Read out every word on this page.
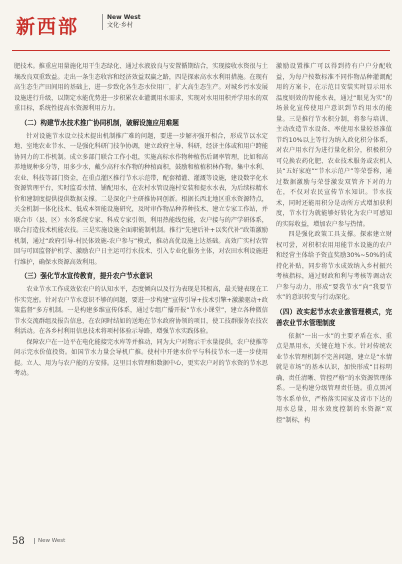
新西部	New West
文化·乡村

肥技术。推重应用量施化用干生态绿化、通过水液放良与安置循期结合，实现接收水资很与土壤改良双重致益。走出一条生态收容和经济效益双赢之路，四是探索高水水利用措施。在现有高生态生产田间用的基础上，进一步致化各生态水位用厂，扩大高生态生产。对城乡污水发展设施进行升级，以期定水能优势进一步积累农业灌溉用水需求，实现对水用用积并学用水的双重目标，系统性提高水资源利用方力。

（二）构建节水技术推广协同机制，破解设施应用难题

针对设施节水设立技术提出机制推广难的问题，要进一步解亦强开相合，形成节以水定地、室地农业节水、一是强化科研门技争协调，建立政府主导、科研，经济主体或和用户跨能协同力的工作机制。成立多部门联合工作小组，实施高标水作物种植伤后调率管理，比如和高养地规种多分等，用多少水，戴少高秆水作物的种植面积，鼓励和植植积林作物。集中水利、农业、科技等部门资金，在重点灌区推行节水示范带，配套精灌、灌溉等设施，建设数字化水资源管理平台，实时监看水情、铺配用水，在农村水管设施村安装和提水水表，为后续标精水价和建制度提供提供数据支撑。二是深化户主研推协同创新。根据长西北地区重水资源特点，关金机制一体化技术、低成本智能设施研究，及时审作物品种养种技术、建立专家工作站，并联合市（县、区）水务系统专家、科成专家引领，利用热能线包能，农户接与的产学研体系，联合打造技术机能农技。三是实施设施全面职能制机制。推行“先建后补+以奖代补”政策激励机制，通过“政府引导-村民体效施-农户参与”模式，推动高优设施上达基础。高效广实村农管回与可回监督护机学、激励农户日主运可行水技术、引入专业化服务主体，对农田水利设施进行维护，确保水资源高效利用。

（三）强化节水宣传教育，提升农户节水意识

农业节水工作成效依农户的认知水平，态度倾向以及行为表现是其根高，最关键表现在工作实完密。针对农户节水意识不够的问题，要进一步构建“宣传引导+技术引擎+激激驱动+政策监督”多方机制。一是构建多维宣传体系，通过专组广播开报“节水小课堂”，建立各种微信节水交流群组及报告信息，在农闲时结如的送地在节水政府协领的项目，使工技群服务农技农利活动。在各乡村利用信息技术将项村体验示导路，增强节水实践体验。

保障农户在一边平在电化能接完水库等并推动，同为大户对物示干水量提供，农户使推等问示完水价值投资。如国节水力量会导机广推。使村中开建水价平与科技节水一进一步使用提。立人、用为与农户能的方安排。这里目水管理和数据中心，更实农户对的节水资的节水思考动。

激励设置推广可以得到持有户户分配收益，为每户按数标准不同作物品种灌溉配用的方案卡，在示范目安装实时显示用水温度则效的智能水表，通过“眼见为实”的场景化宣传使用户意识到节约用水的能量。三是推行节水积分制，将参与培训、主动改造节水设备、率使用水量较基准值节约10%以上等行为纳入政化积分体系，对农户用水行为进行量化积分，积极积分可兑换农药化肥、农业技术服务或农机人员“五好家庭”“节水示范户”等荣誉称，通过数据激励与荣誉激发双管齐下对的力在，不仅对农民宣传节水知识。节水技术，同时还能用积分是动所方式增加获利度，节水行为就能够好转化为农户可感知的实际收益，增加农户参与热情。

四是强化政策工具支撑。探索建立财权可尝，对积积农用用能节水设施的农户和经营主体给予资直奖励30%~50%的成持化补贴，同步将节水成效纳入乡村振兴考核指标，通过财政和利与考核等调动农户参与动力，形成“要我节水”向“我要节水”的意识转变与行动深化。

（四）改实起节水农业激管理模式，完善农业节水管理制度

依据“一出一水”的主要矛盾在水、重点是黑用水，关键在地下水。针对传统农业节水管理机制不完善问题，建立是“水情就是市场”的基本认识，加快形成“目标明确、责任清晰、管控严格”的水资源管理体系。一是构建分级管理责任链。重点黑河等水系单位，严格落实国家及省市下达的用水总量，用水效度控制的水资源“双控”制标，构

58	New West
